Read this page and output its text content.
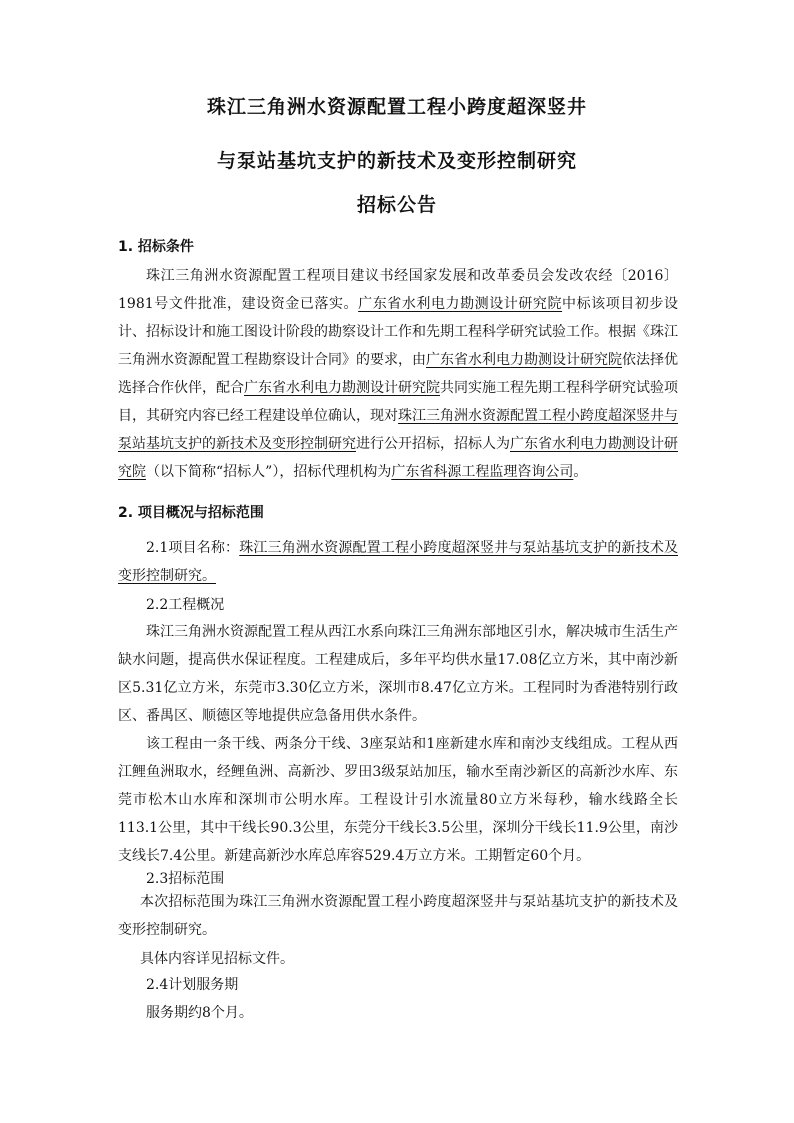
珠江三角洲水资源配置工程小跨度超深竖井
与泵站基坑支护的新技术及变形控制研究
招标公告
1. 招标条件

珠江三角洲水资源配置工程项目建议书经国家发展和改革委员会发改农经〔2016〕1981号文件批准，建设资金已落实。广东省水利电力勘测设计研究院中标该项目初步设计、招标设计和施工图设计阶段的勘察设计工作和先期工程科学研究试验工作。根据《珠江三角洲水资源配置工程勘察设计合同》的要求，由广东省水利电力勘测设计研究院依法择优选择合作伙伴，配合广东省水利电力勘测设计研究院共同实施工程先期工程科学研究试验项目，其研究内容已经工程建设单位确认，现对珠江三角洲水资源配置工程小跨度超深竖井与泵站基坑支护的新技术及变形控制研究进行公开招标，招标人为广东省水利电力勘测设计研究院（以下简称“招标人”），招标代理机构为广东省科源工程监理咨询公司。

2. 项目概况与招标范围

2.1项目名称：珠江三角洲水资源配置工程小跨度超深竖井与泵站基坑支护的新技术及变形控制研究。

2.2工程概况

珠江三角洲水资源配置工程从西江水系向珠江三角洲东部地区引水，解决城市生活生产缺水问题，提高供水保证程度。工程建成后，多年平均供水量17.08亿立方米，其中南沙新区5.31亿立方米，东莞市3.30亿立方米，深圳市8.47亿立方米。工程同时为香港特别行政区、番禺区、顺德区等地提供应急备用供水条件。

该工程由一条干线、两条分干线、3座泵站和1座新建水库和南沙支线组成。工程从西江鲤鱼洲取水，经鲤鱼洲、高新沙、罗田3级泵站加压，输水至南沙新区的高新沙水库、东莞市松木山水库和深圳市公明水库。工程设计引水流量80立方米每秒，输水线路全长113.1公里，其中干线长90.3公里，东莞分干线长3.5公里，深圳分干线长11.9公里，南沙支线长7.4公里。新建高新沙水库总库容529.4万立方米。工期暂定60个月。

2.3招标范围

本次招标范围为珠江三角洲水资源配置工程小跨度超深竖井与泵站基坑支护的新技术及变形控制研究。

具体内容详见招标文件。
2.4计划服务期
服务期约8个月。
